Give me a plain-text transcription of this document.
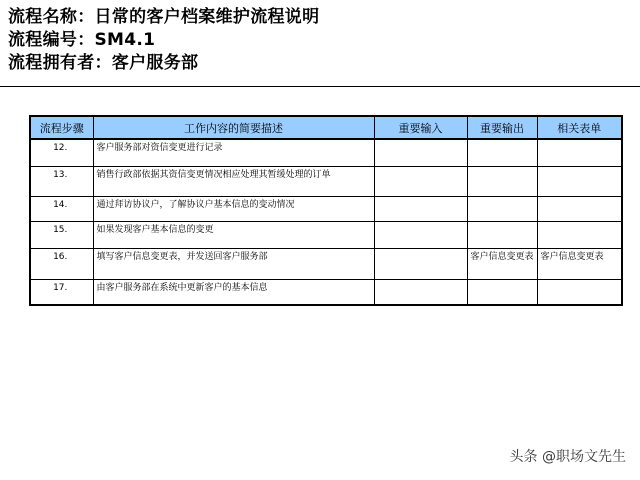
流程名称：日常的客户档案维护流程说明
流程编号：SM4.1
流程拥有者：客户服务部
流程步骤	工作内容的简要描述	重要输入	重要输出	相关表单
12.	客户服务部对资信变更进行记录			
13.	销售行政部依据其资信变更情况相应处理其暂缓处理的订单			
14.	通过拜访协议户，了解协议户基本信息的变动情况			
15.	如果发现客户基本信息的变更			
16.	填写客户信息变更表，并发送回客户服务部		客户信息变更表	客户信息变更表
17.	由客户服务部在系统中更新客户的基本信息			
头条 @职场文先生
